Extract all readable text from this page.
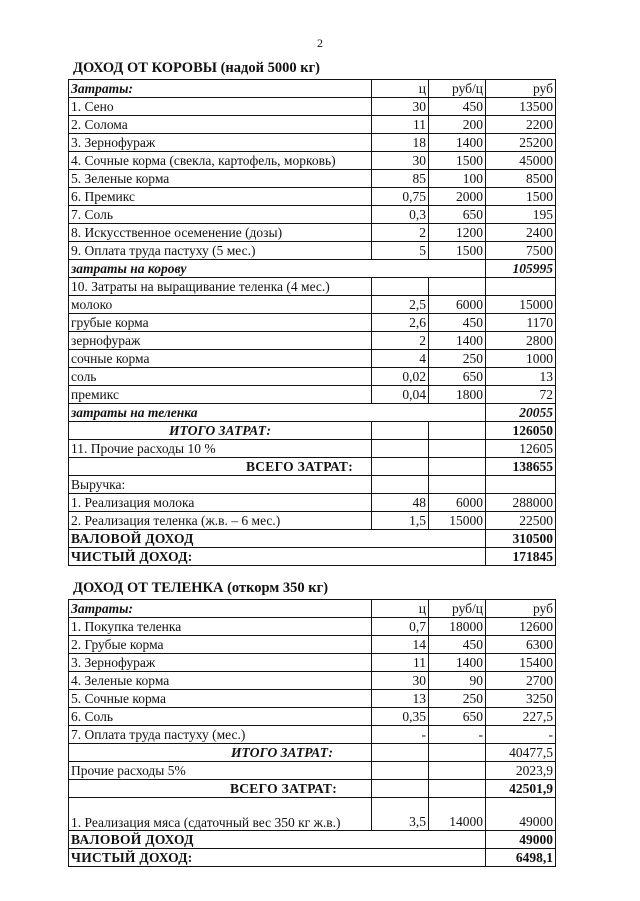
2
ДОХОД ОТ КОРОВЫ (надой 5000 кг)
Затраты:	ц	руб/ц	руб
1. Сено	30	450	13500
2. Солома	11	200	2200
3. Зернофураж	18	1400	25200
4. Сочные корма (свекла, картофель, морковь)	30	1500	45000
5. Зеленые корма	85	100	8500
6. Премикс	0,75	2000	1500
7. Соль	0,3	650	195
8. Искусственное осеменение (дозы)	2	1200	2400
9. Оплата труда пастуху (5 мес.)	5	1500	7500
затраты на корову			105995
10. Затраты на выращивание теленка (4 мес.)			
молоко	2,5	6000	15000
грубые корма	2,6	450	1170
зернофураж	2	1400	2800
сочные корма	4	250	1000
соль	0,02	650	13
премикс	0,04	1800	72
затраты на теленка			20055
ИТОГО ЗАТРАТ:			126050
11. Прочие расходы 10 %			12605
ВСЕГО ЗАТРАТ:			138655
Выручка:			
1. Реализация молока	48	6000	288000
2. Реализация теленка (ж.в. – 6 мес.)	1,5	15000	22500
ВАЛОВОЙ ДОХОД			310500
ЧИСТЫЙ ДОХОД:			171845
ДОХОД ОТ ТЕЛЕНКА (откорм 350 кг)
Затраты:	ц	руб/ц	руб
1. Покупка теленка	0,7	18000	12600
2. Грубые корма	14	450	6300
3. Зернофураж	11	1400	15400
4. Зеленые корма	30	90	2700
5. Сочные корма	13	250	3250
6. Соль	0,35	650	227,5
7. Оплата труда пастуху (мес.)	-	-	-
ИТОГО ЗАТРАТ:			40477,5
Прочие расходы 5%			2023,9
ВСЕГО ЗАТРАТ:			42501,9
1. Реализация мяса (сдаточный вес 350 кг ж.в.)	3,5	14000	49000
ВАЛОВОЙ ДОХОД			49000
ЧИСТЫЙ ДОХОД:			6498,1
